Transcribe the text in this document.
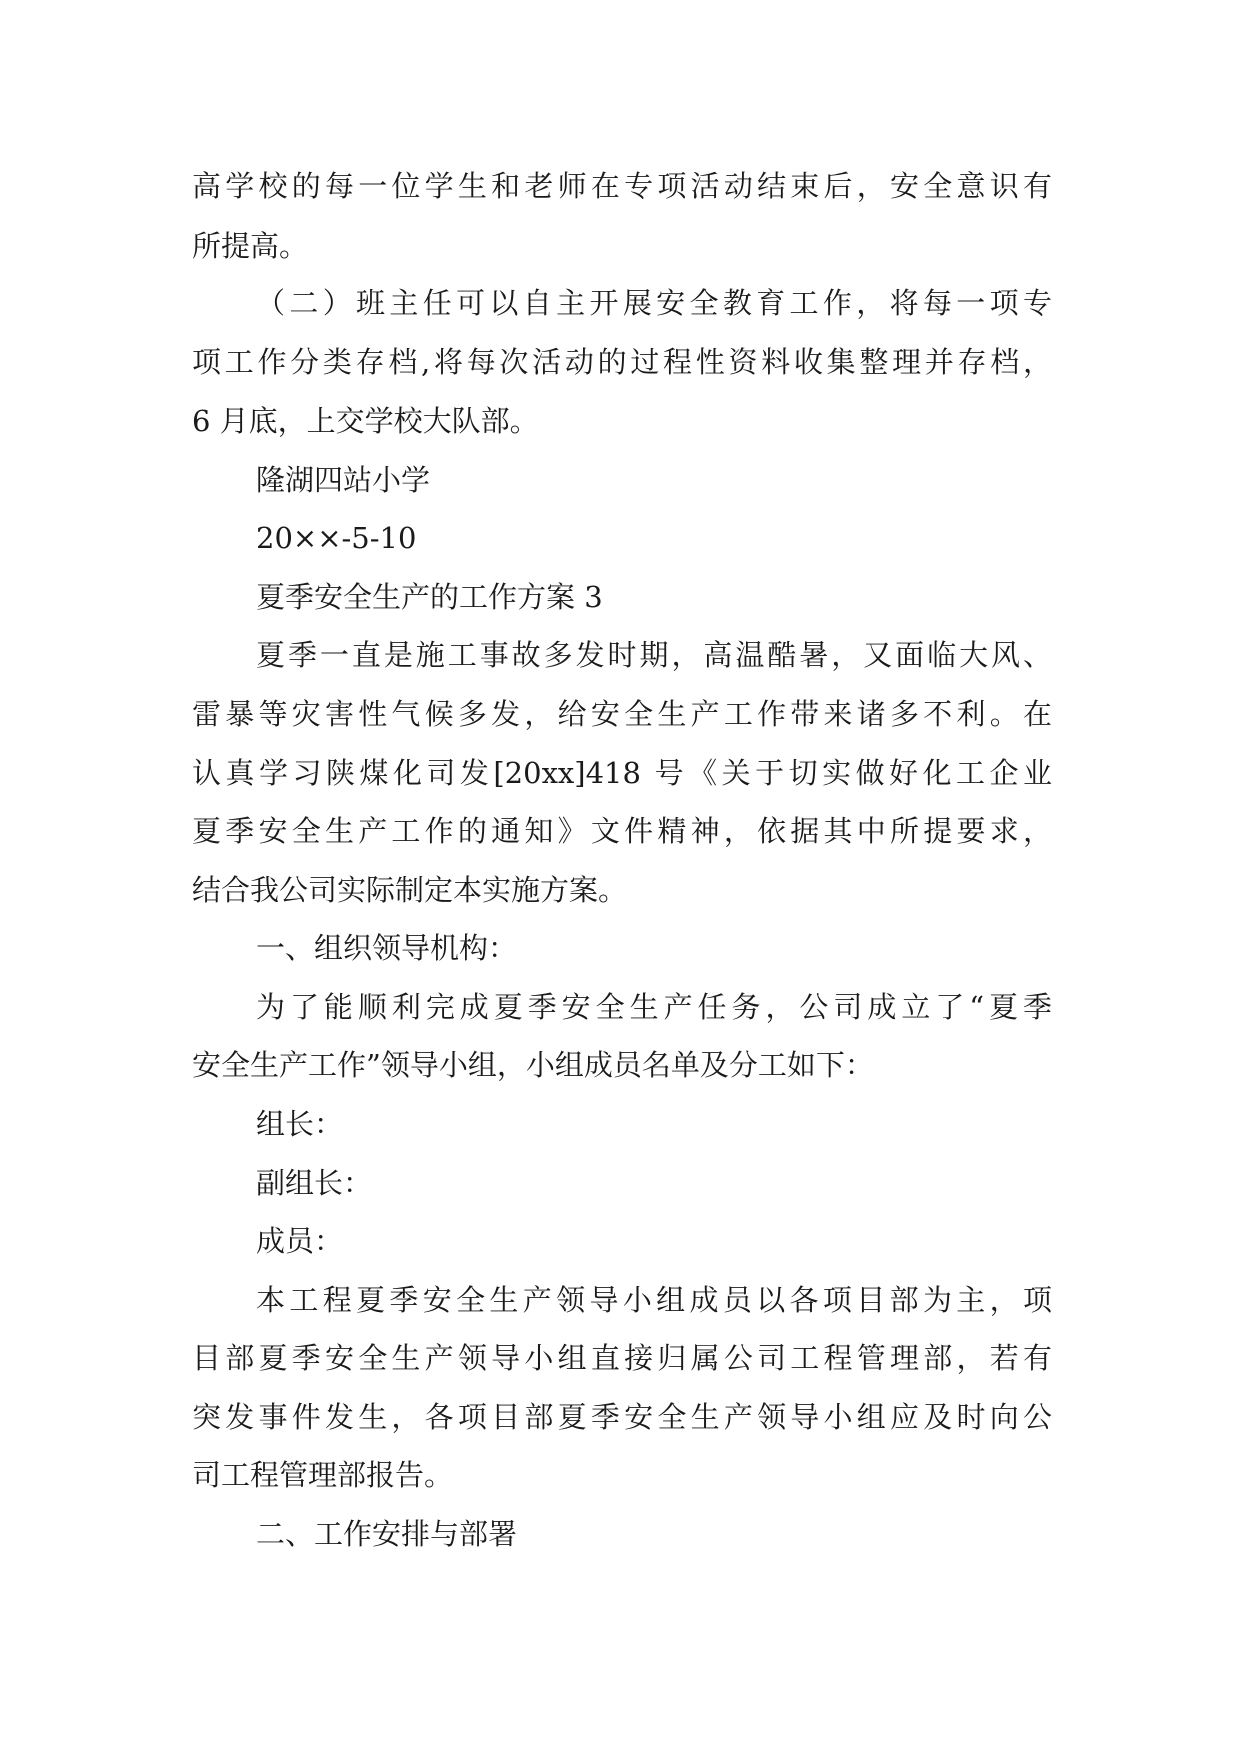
高学校的每一位学生和老师在专项活动结束后，安全意识有
所提高。
（二）班主任可以自主开展安全教育工作，将每一项专
项工作分类存档,将每次活动的过程性资料收集整理并存档，
6 月底，上交学校大队部。
隆湖四站小学
20××-5-10
夏季安全生产的工作方案 3
夏季一直是施工事故多发时期，高温酷暑，又面临大风、
雷暴等灾害性气候多发，给安全生产工作带来诸多不利。在
认真学习陕煤化司发[20xx]418 号《关于切实做好化工企业
夏季安全生产工作的通知》文件精神，依据其中所提要求，
结合我公司实际制定本实施方案。
一、组织领导机构：
为了能顺利完成夏季安全生产任务，公司成立了“夏季
安全生产工作”领导小组，小组成员名单及分工如下：
组长：
副组长：
成员：
本工程夏季安全生产领导小组成员以各项目部为主，项
目部夏季安全生产领导小组直接归属公司工程管理部，若有
突发事件发生，各项目部夏季安全生产领导小组应及时向公
司工程管理部报告。
二、工作安排与部署
